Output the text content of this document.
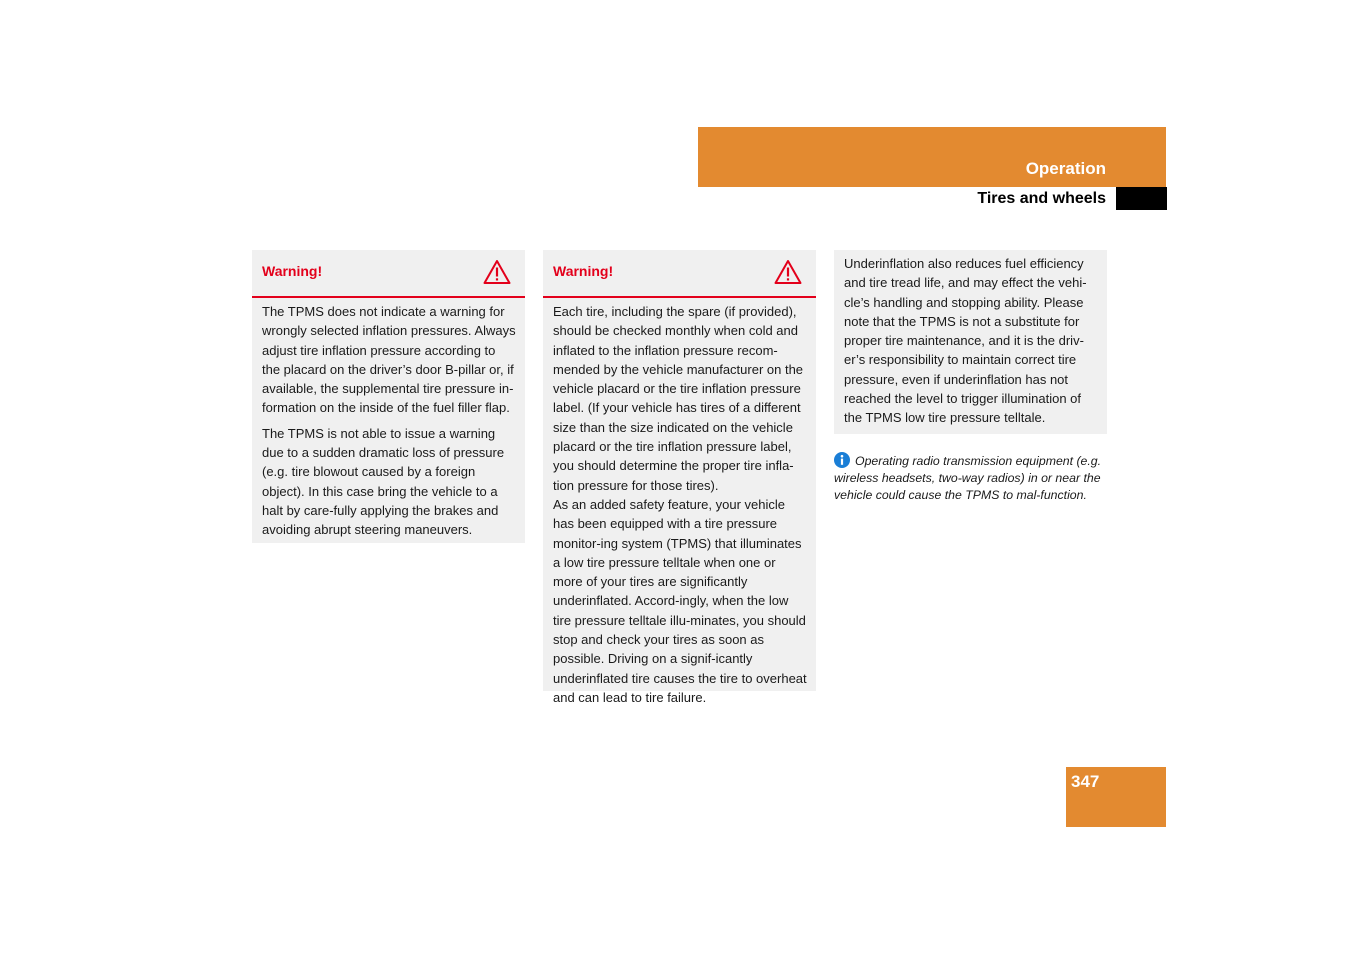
Operation
Tires and wheels
Warning!

The TPMS does not indicate a warning for wrongly selected inflation pressures. Always adjust tire inflation pressure according to the placard on the driver’s door B-pillar or, if available, the supplemental tire pressure in-formation on the inside of the fuel filler flap.

The TPMS is not able to issue a warning due to a sudden dramatic loss of pressure (e.g. tire blowout caused by a foreign object). In this case bring the vehicle to a halt by care-fully applying the brakes and avoiding abrupt steering maneuvers.

Warning!

Each tire, including the spare (if provided), should be checked monthly when cold and inflated to the inflation pressure recom-mended by the vehicle manufacturer on the vehicle placard or the tire inflation pressure label. (If your vehicle has tires of a different size than the size indicated on the vehicle placard or the tire inflation pressure label, you should determine the proper tire infla-tion pressure for those tires).

As an added safety feature, your vehicle has been equipped with a tire pressure monitor-ing system (TPMS) that illuminates a low tire pressure telltale when one or more of your tires are significantly underinflated. Accord-ingly, when the low tire pressure telltale illu-minates, you should stop and check your tires as soon as possible. Driving on a signif-icantly underinflated tire causes the tire to overheat and can lead to tire failure.

Underinflation also reduces fuel efficiency and tire tread life, and may effect the vehi-cle’s handling and stopping ability. Please note that the TPMS is not a substitute for proper tire maintenance, and it is the driv-er’s responsibility to maintain correct tire pressure, even if underinflation has not reached the level to trigger illumination of the TPMS low tire pressure telltale.

Operating radio transmission equipment (e.g. wireless headsets, two-way radios) in or near the vehicle could cause the TPMS to mal-function.
347
